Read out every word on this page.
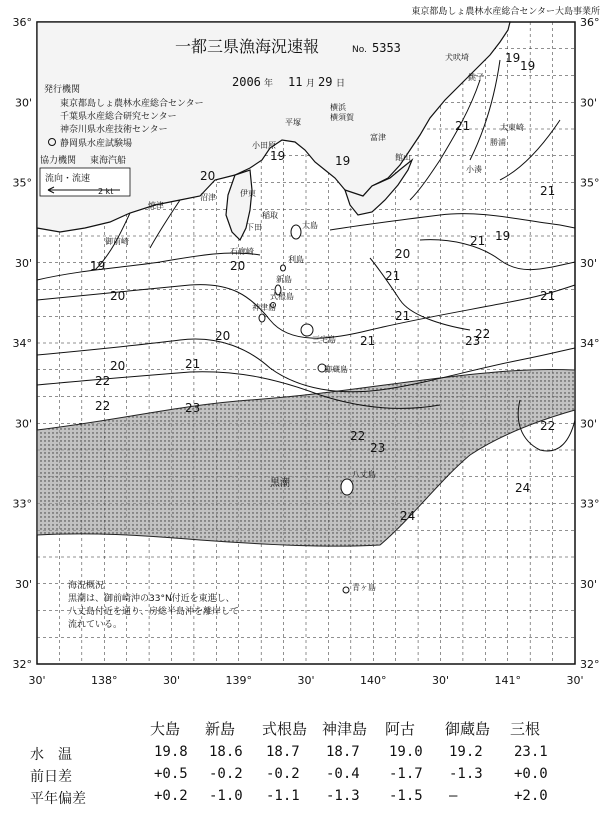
東京都島しょ農林水産総合センター大島事業所
一都三県漁海況速報	No. 5353
2006 年 11 月 29 日
発行機関
東京都島しょ農林水産総合センター
千葉県水産総合研究センター
神奈川県水産技術センター
静岡県水産試験場
協力機関 東海汽船
流向・流速
2 kt
犬吠埼
銚子
太東崎
勝浦
小湊
館山
富津
横須賀
平塚
小田原
横浜
伊東
稲取
下田
石廊崎
沼津
焼津
御前崎
大島
利島
新島
式根島
神津島
三宅島
御蔵島
八丈島
青ヶ島
黒潮
19	19
19
19
20
20
20
20
20
21
21
21
21
21
21
22
22
22
22
22
23
23
23
24
24
19
21
20
21
19
海況概況
黒潮は、御前崎沖の33°N付近を東進し、
八丈島付近を通り、房総半島沖を離岸して
流れている。
36°
30'
35°
30'
34°
30'
33°
30'
32°
36°
30'
35°
30'
34°
30'
33°
30'
32°
30'	138°	30'	139°	30'	140°	30'	141°	30'
大島 新島 式根島 神津島 阿古 御蔵島 三根
水　温	19.8 18.6 18.7 18.7 19.0 19.2 23.1
前日差	+0.5 -0.2 -0.2 -0.4 -1.7 -1.3 +0.0
平年偏差	+0.2 -1.0 -1.1 -1.3 -1.5 —	+2.0
